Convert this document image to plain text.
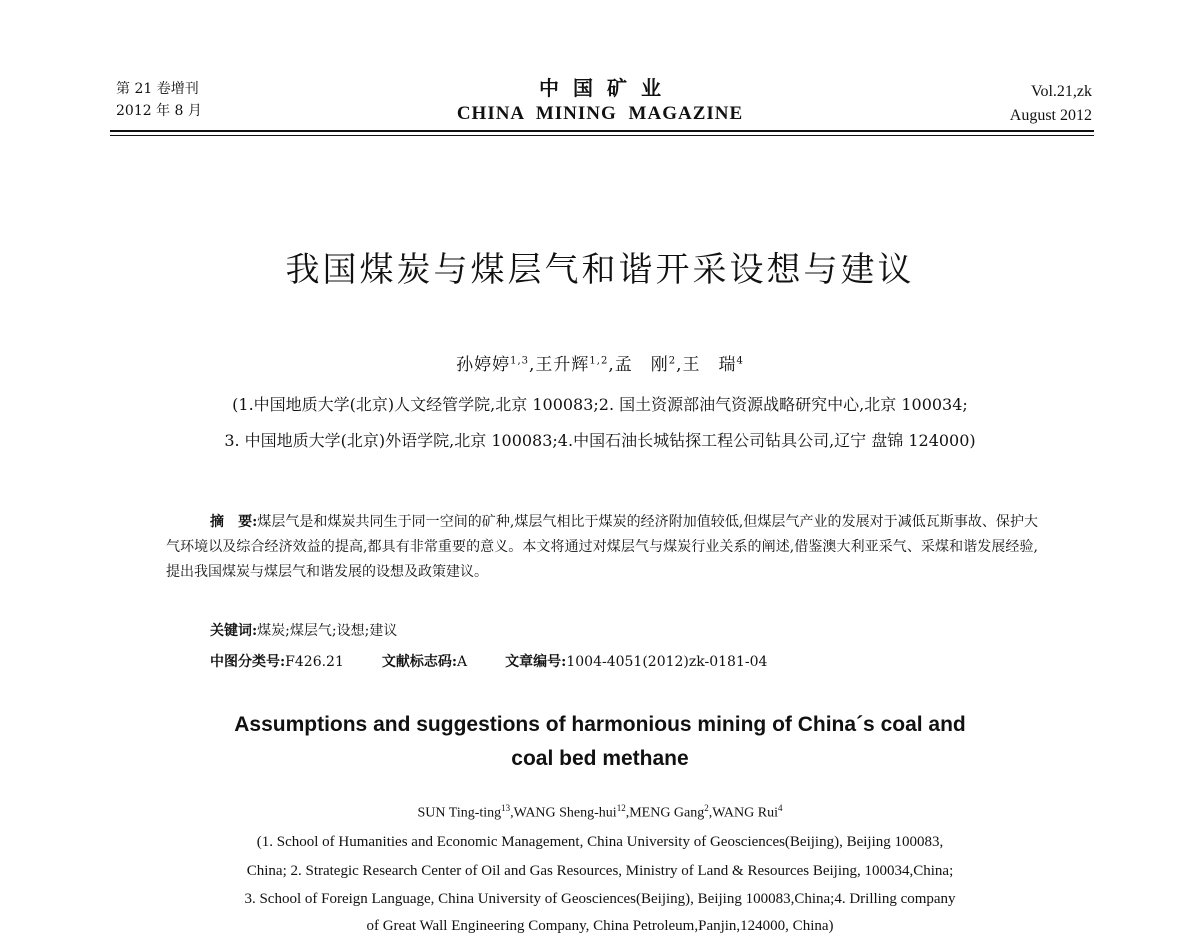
第 21 卷增刊
2012 年 8 月
中国矿业
CHINA MINING MAGAZINE
Vol.21,zk
August 2012
我国煤炭与煤层气和谐开采设想与建议
孙婷婷$^{1,3}$,王升辉$^{1,2}$,孟　刚$^2$,王　瑞$^4$
(1.中国地质大学(北京)人文经管学院,北京 100083;2. 国土资源部油气资源战略研究中心,北京 100034;
3. 中国地质大学(北京)外语学院,北京 100083;4.中国石油长城钻探工程公司钻具公司,辽宁 盘锦 124000)
摘　要:煤层气是和煤炭共同生于同一空间的矿种,煤层气相比于煤炭的经济附加值较低,但煤层气产业的发展对于减低瓦斯事故、保护大气环境以及综合经济效益的提高,都具有非常重要的意义。本文将通过对煤层气与煤炭行业关系的阐述,借鉴澳大利亚采气、采煤和谐发展经验,提出我国煤炭与煤层气和谐发展的设想及政策建议。
关键词:煤炭;煤层气;设想;建议
中图分类号:F426.21	文献标志码:A	文章编号:1004-4051(2012)zk-0181-04
Assumptions and suggestions of harmonious mining of China´s coal and
coal bed methane
SUN Ting-ting$^{13}$,WANG Sheng-hui$^{12}$,MENG Gang$^2$,WANG Rui$^4$
(1. School of Humanities and Economic Management, China University of Geosciences(Beijing), Beijing 100083,
China; 2. Strategic Research Center of Oil and Gas Resources, Ministry of Land & Resources Beijing, 100034,China;
3. School of Foreign Language, China University of Geosciences(Beijing), Beijing 100083,China;4. Drilling company
of Great Wall Engineering Company, China Petroleum,Panjin,124000, China)
